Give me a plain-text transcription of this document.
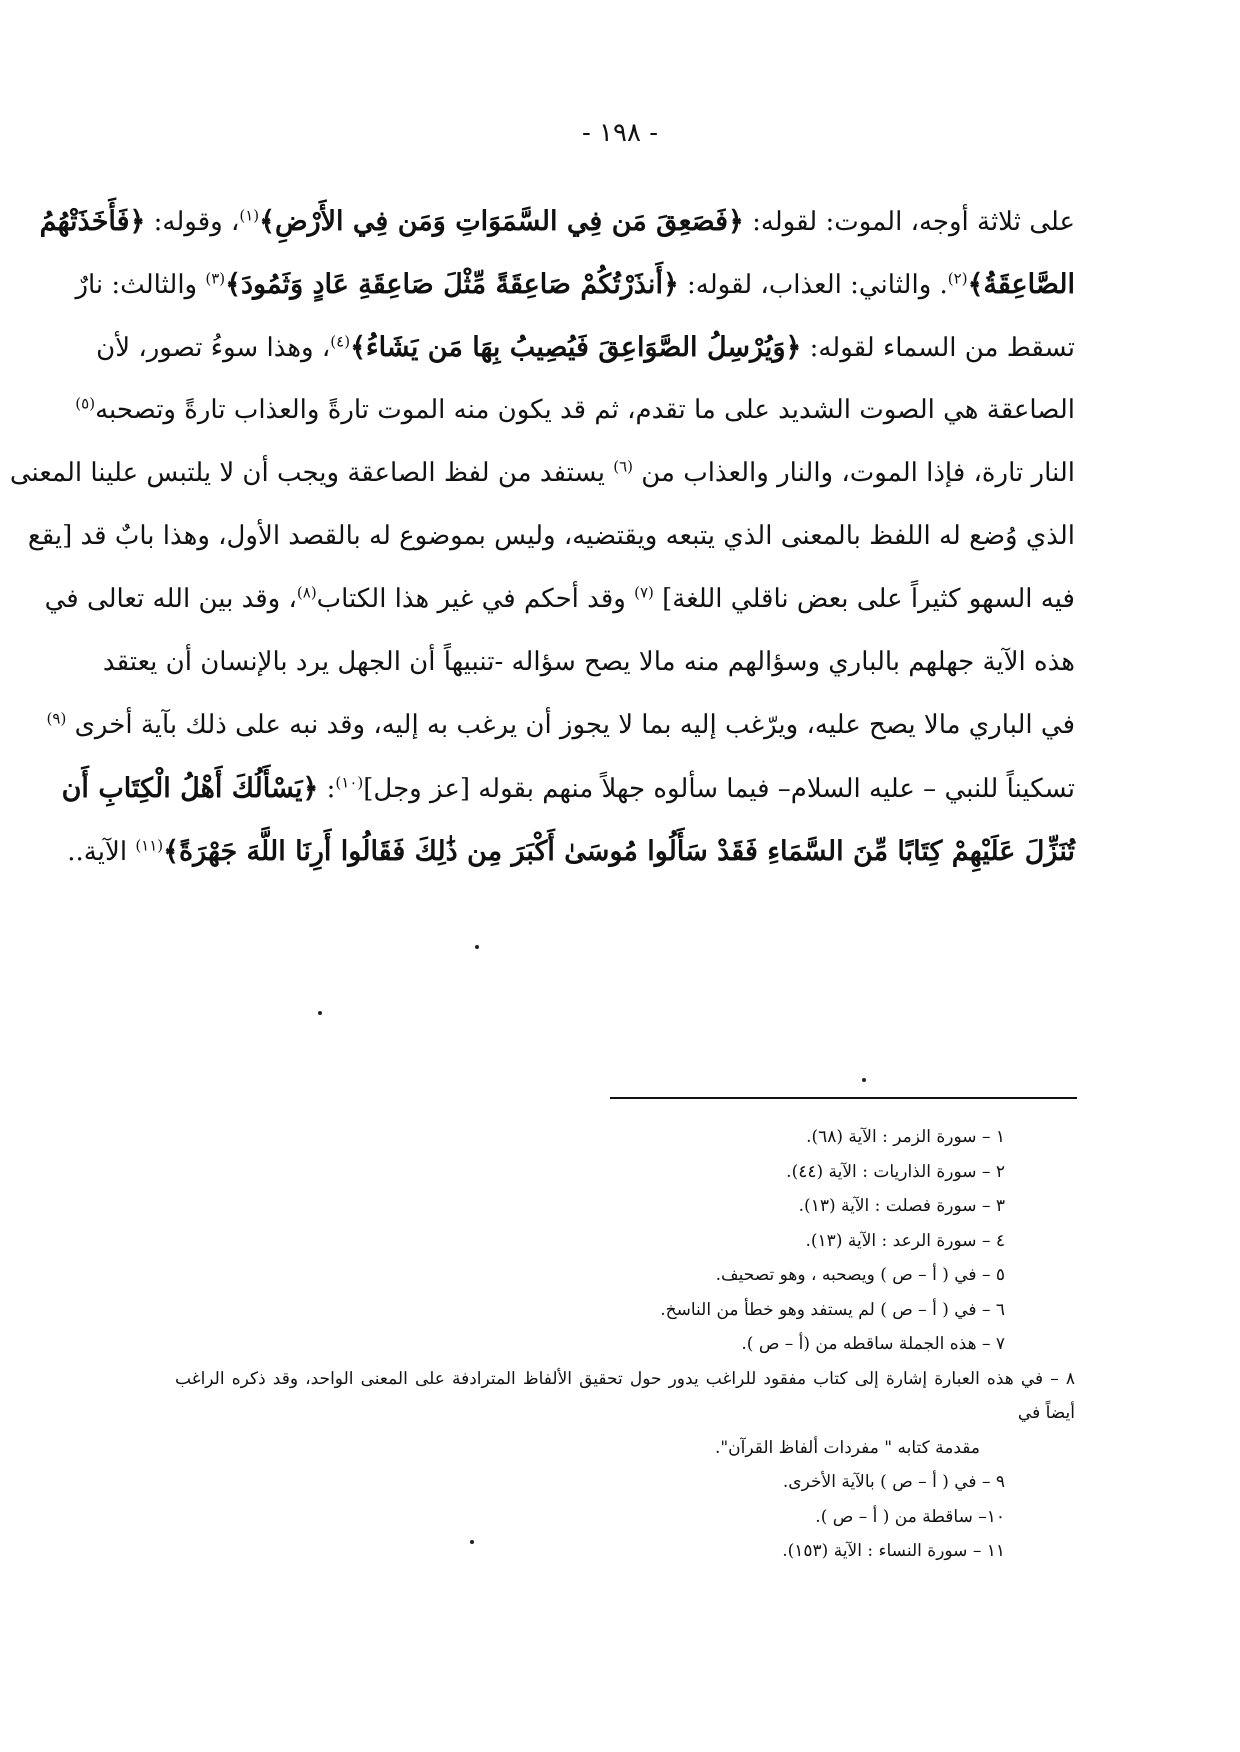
- ١٩٨ -
على ثلاثة أوجه، الموت: لقوله: ﴿فَصَعِقَ مَن فِي السَّمَوَاتِ وَمَن فِي الأَرْضِ﴾$^{(١)}$، وقوله: ﴿فَأَخَذَتْهُمُ
الصَّاعِقَةُ﴾$^{(٢)}$. والثاني: العذاب، لقوله: ﴿أَنذَرْتُكُمْ صَاعِقَةً مِّثْلَ صَاعِقَةِ عَادٍ وَثَمُودَ﴾$^{(٣)}$ والثالث: نارٌ
تسقط من السماء لقوله: ﴿وَيُرْسِلُ الصَّوَاعِقَ فَيُصِيبُ بِهَا مَن يَشَاءُ﴾$^{(٤)}$، وهذا سوءُ تصور، لأن
الصاعقة هي الصوت الشديد على ما تقدم، ثم قد يكون منه الموت تارةً والعذاب تارةً وتصحبه$^{(٥)}$
النار تارة، فإذا الموت، والنار والعذاب من $^{(٦)}$ يستفد من لفظ الصاعقة ويجب أن لا يلتبس علينا المعنى
الذي وُضع له اللفظ بالمعنى الذي يتبعه ويقتضيه، وليس بموضوع له بالقصد الأول، وهذا بابٌ قد [يقع
فيه السهو كثيراً على بعض ناقلي اللغة] $^{(٧)}$ وقد أحكم في غير هذا الكتاب$^{(٨)}$، وقد بين الله تعالى في
هذه الآية جهلهم بالباري وسؤالهم منه مالا يصح سؤاله -تنبيهاً أن الجهل يرد بالإنسان أن يعتقد
في الباري مالا يصح عليه، ويرّغب إليه بما لا يجوز أن يرغب به إليه، وقد نبه على ذلك بآية أخرى $^{(٩)}$
تسكيناً للنبي – عليه السلام– فيما سألوه جهلاً منهم بقوله [عز وجل]$^{(١٠)}$: ﴿يَسْأَلُكَ أَهْلُ الْكِتَابِ أَن
تُنَزِّلَ عَلَيْهِمْ كِتَابًا مِّنَ السَّمَاءِ فَقَدْ سَأَلُوا مُوسَىٰ أَكْبَرَ مِن ذَٰلِكَ فَقَالُوا أَرِنَا اللَّهَ جَهْرَةً﴾$^{(١١)}$ الآية..
١ – سورة الزمر : الآية (٦٨).
٢ – سورة الذاريات : الآية (٤٤).
٣ – سورة فصلت : الآية (١٣).
٤ – سورة الرعد : الآية (١٣).
٥ – في ( أ – ص ) ويصحبه ، وهو تصحيف.
٦ – في ( أ – ص ) لم يستفد وهو خطأ من الناسخ.
٧ – هذه الجملة ساقطه من (أ – ص ).
٨ – في هذه العبارة إشارة إلى كتاب مفقود للراغب يدور حول تحقيق الألفاظ المترادفة على المعنى الواحد، وقد ذكره الراغب أيضاً في
مقدمة كتابه " مفردات ألفاظ القرآن".
٩ – في ( أ – ص ) بالآية الأخرى.
١٠– ساقطة من ( أ – ص ).
١١ – سورة النساء : الآية (١٥٣).
